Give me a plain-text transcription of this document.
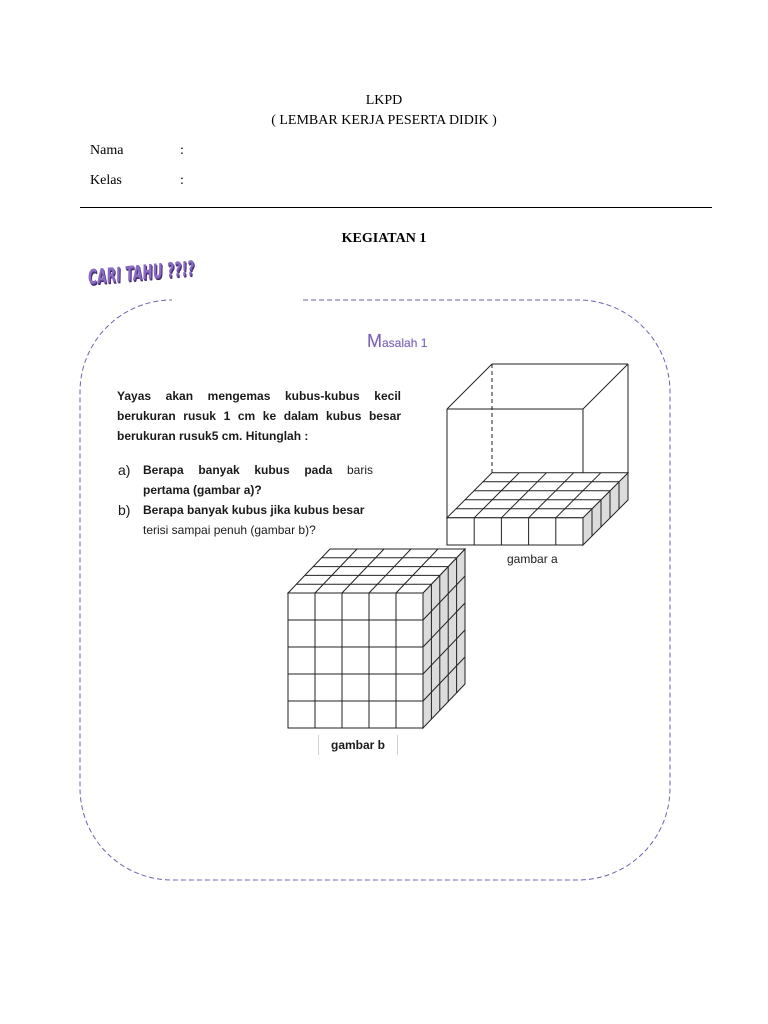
LKPD
( LEMBAR KERJA PESERTA DIDIK )
Nama	:
Kelas	:
KEGIATAN 1
CARI TAHU ??!?
Masalah 1
Yayas akan mengemas kubus-kubus kecil
berukuran rusuk 1 cm ke dalam kubus besar
berukuran rusuk5 cm. Hitunglah :
a) Berapa banyak kubus pada baris
pertama (gambar a)?
b) Berapa banyak kubus jika kubus besar
terisi sampai penuh (gambar b)?
gambar a
gambar b
